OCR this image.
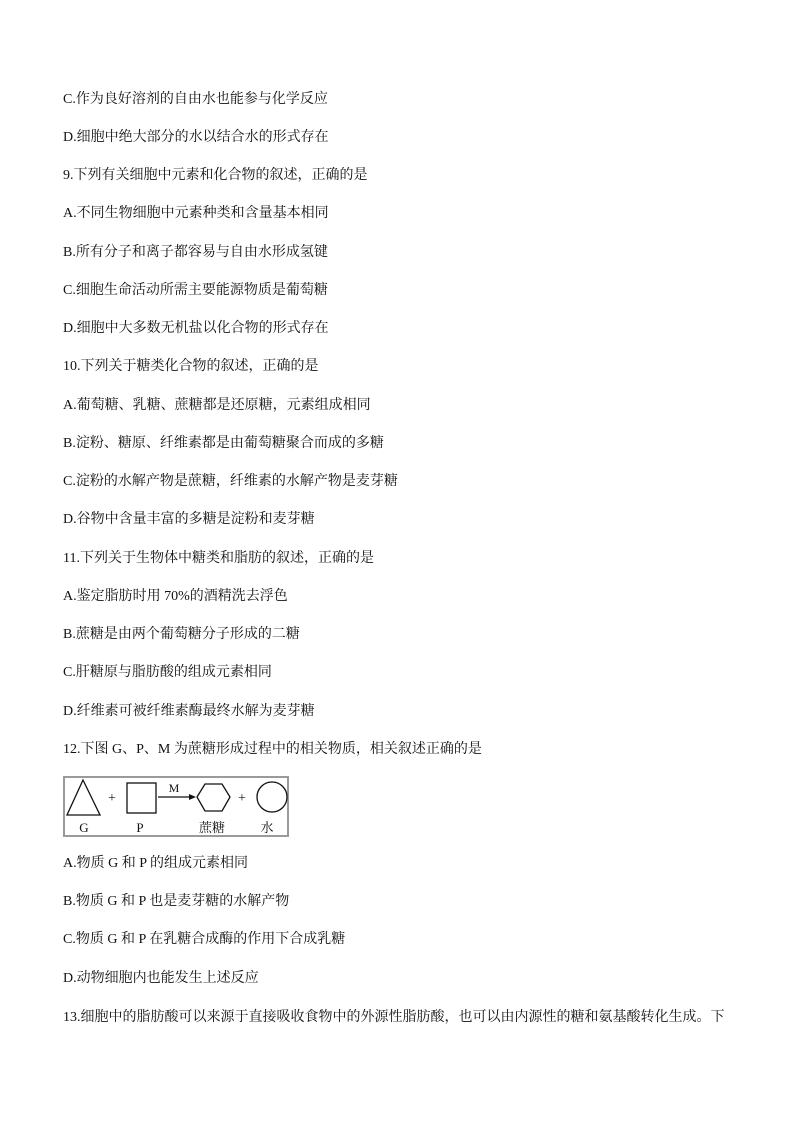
C.作为良好溶剂的自由水也能参与化学反应

D.细胞中绝大部分的水以结合水的形式存在

9.下列有关细胞中元素和化合物的叙述，正确的是

A.不同生物细胞中元素种类和含量基本相同

B.所有分子和离子都容易与自由水形成氢键

C.细胞生命活动所需主要能源物质是葡萄糖

D.细胞中大多数无机盐以化合物的形式存在

10.下列关于糖类化合物的叙述，正确的是

A.葡萄糖、乳糖、蔗糖都是还原糖，元素组成相同

B.淀粉、糖原、纤维素都是由葡萄糖聚合而成的多糖

C.淀粉的水解产物是蔗糖，纤维素的水解产物是麦芽糖

D.谷物中含量丰富的多糖是淀粉和麦芽糖

11.下列关于生物体中糖类和脂肪的叙述，正确的是

A.鉴定脂肪时用 70%的酒精洗去浮色

B.蔗糖是由两个葡萄糖分子形成的二糖

C.肝糖原与脂肪酸的组成元素相同

D.纤维素可被纤维素酶最终水解为麦芽糖

12.下图 G、P、M 为蔗糖形成过程中的相关物质，相关叙述正确的是

+
M
+
G	P	蔗糖	水

A.物质 G 和 P 的组成元素相同

B.物质 G 和 P 也是麦芽糖的水解产物

C.物质 G 和 P 在乳糖合成酶的作用下合成乳糖

D.动物细胞内也能发生上述反应

13.细胞中的脂肪酸可以来源于直接吸收食物中的外源性脂肪酸，也可以由内源性的糖和氨基酸转化生成。下
